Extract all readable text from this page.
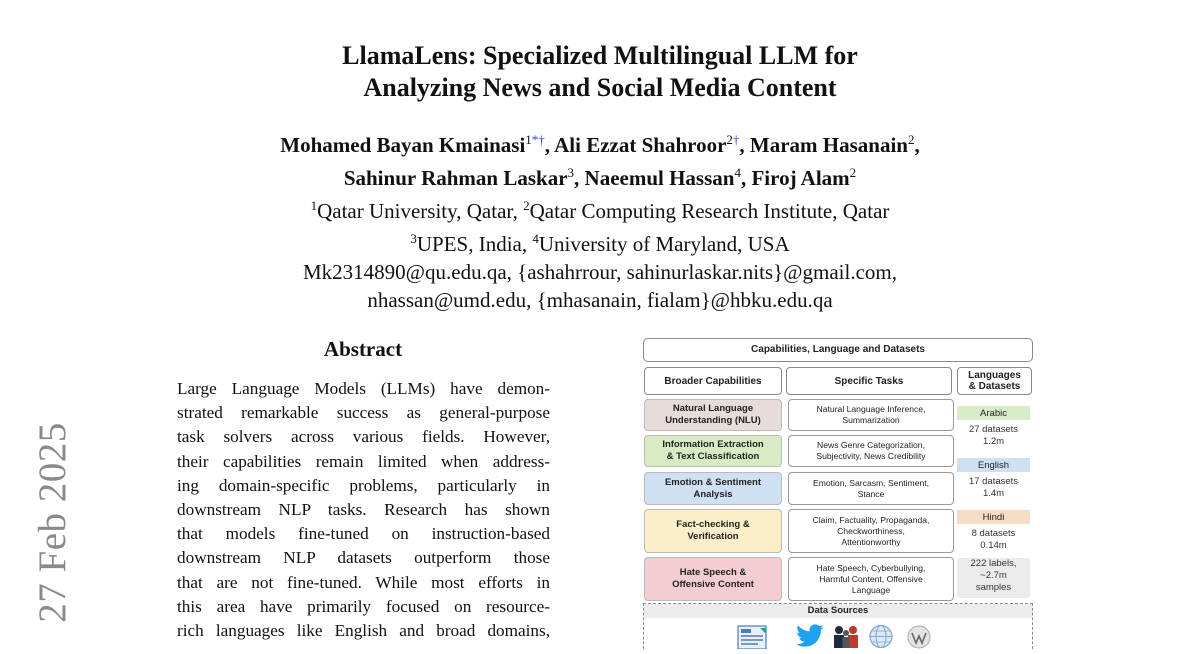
27 Feb 2025
LlamaLens: Specialized Multilingual LLM for
Analyzing News and Social Media Content
Mohamed Bayan Kmainasi$^{1*\dagger}$, Ali Ezzat Shahroor$^{2\dagger}$, Maram Hasanain$^2$,
Sahinur Rahman Laskar$^3$, Naeemul Hassan$^4$, Firoj Alam$^2$
$^1$Qatar University, Qatar, $^2$Qatar Computing Research Institute, Qatar
$^3$UPES, India, $^4$University of Maryland, USA
Mk2314890@qu.edu.qa, {ashahrrour, sahinurlaskar.nits}@gmail.com,
nhassan@umd.edu, {mhasanain, fialam}@hbku.edu.qa
Abstract
Large Language Models (LLMs) have demon-
strated remarkable success as general-purpose
task solvers across various fields. However,
their capabilities remain limited when address-
ing domain-specific problems, particularly in
downstream NLP tasks. Research has shown
that models fine-tuned on instruction-based
downstream NLP datasets outperform those
that are not fine-tuned. While most efforts in
this area have primarily focused on resource-
rich languages like English and broad domains,
Capabilities, Language and Datasets
Broader Capabilities	Specific Tasks	Languages
& Datasets
Natural Language
Understanding (NLU)
Natural Language Inference,
Summarization
Information Extraction
& Text Classification
News Genre Categorization,
Subjectivity, News Credibility
Emotion & Sentiment
Analysis
Emotion, Sarcasm, Sentiment,
Stance
Fact-checking &
Verification
Claim, Factuality, Propaganda,
Checkworthiness,
Attentionworthy
Hate Speech &
Offensive Content
Hate Speech, Cyberbullying,
Harmful Content, Offensive
Language
Arabic
27 datasets
1.2m
English
17 datasets
1.4m
Hindi
8 datasets
0.14m
222 labels,
~2.7m
samples
Data Sources
